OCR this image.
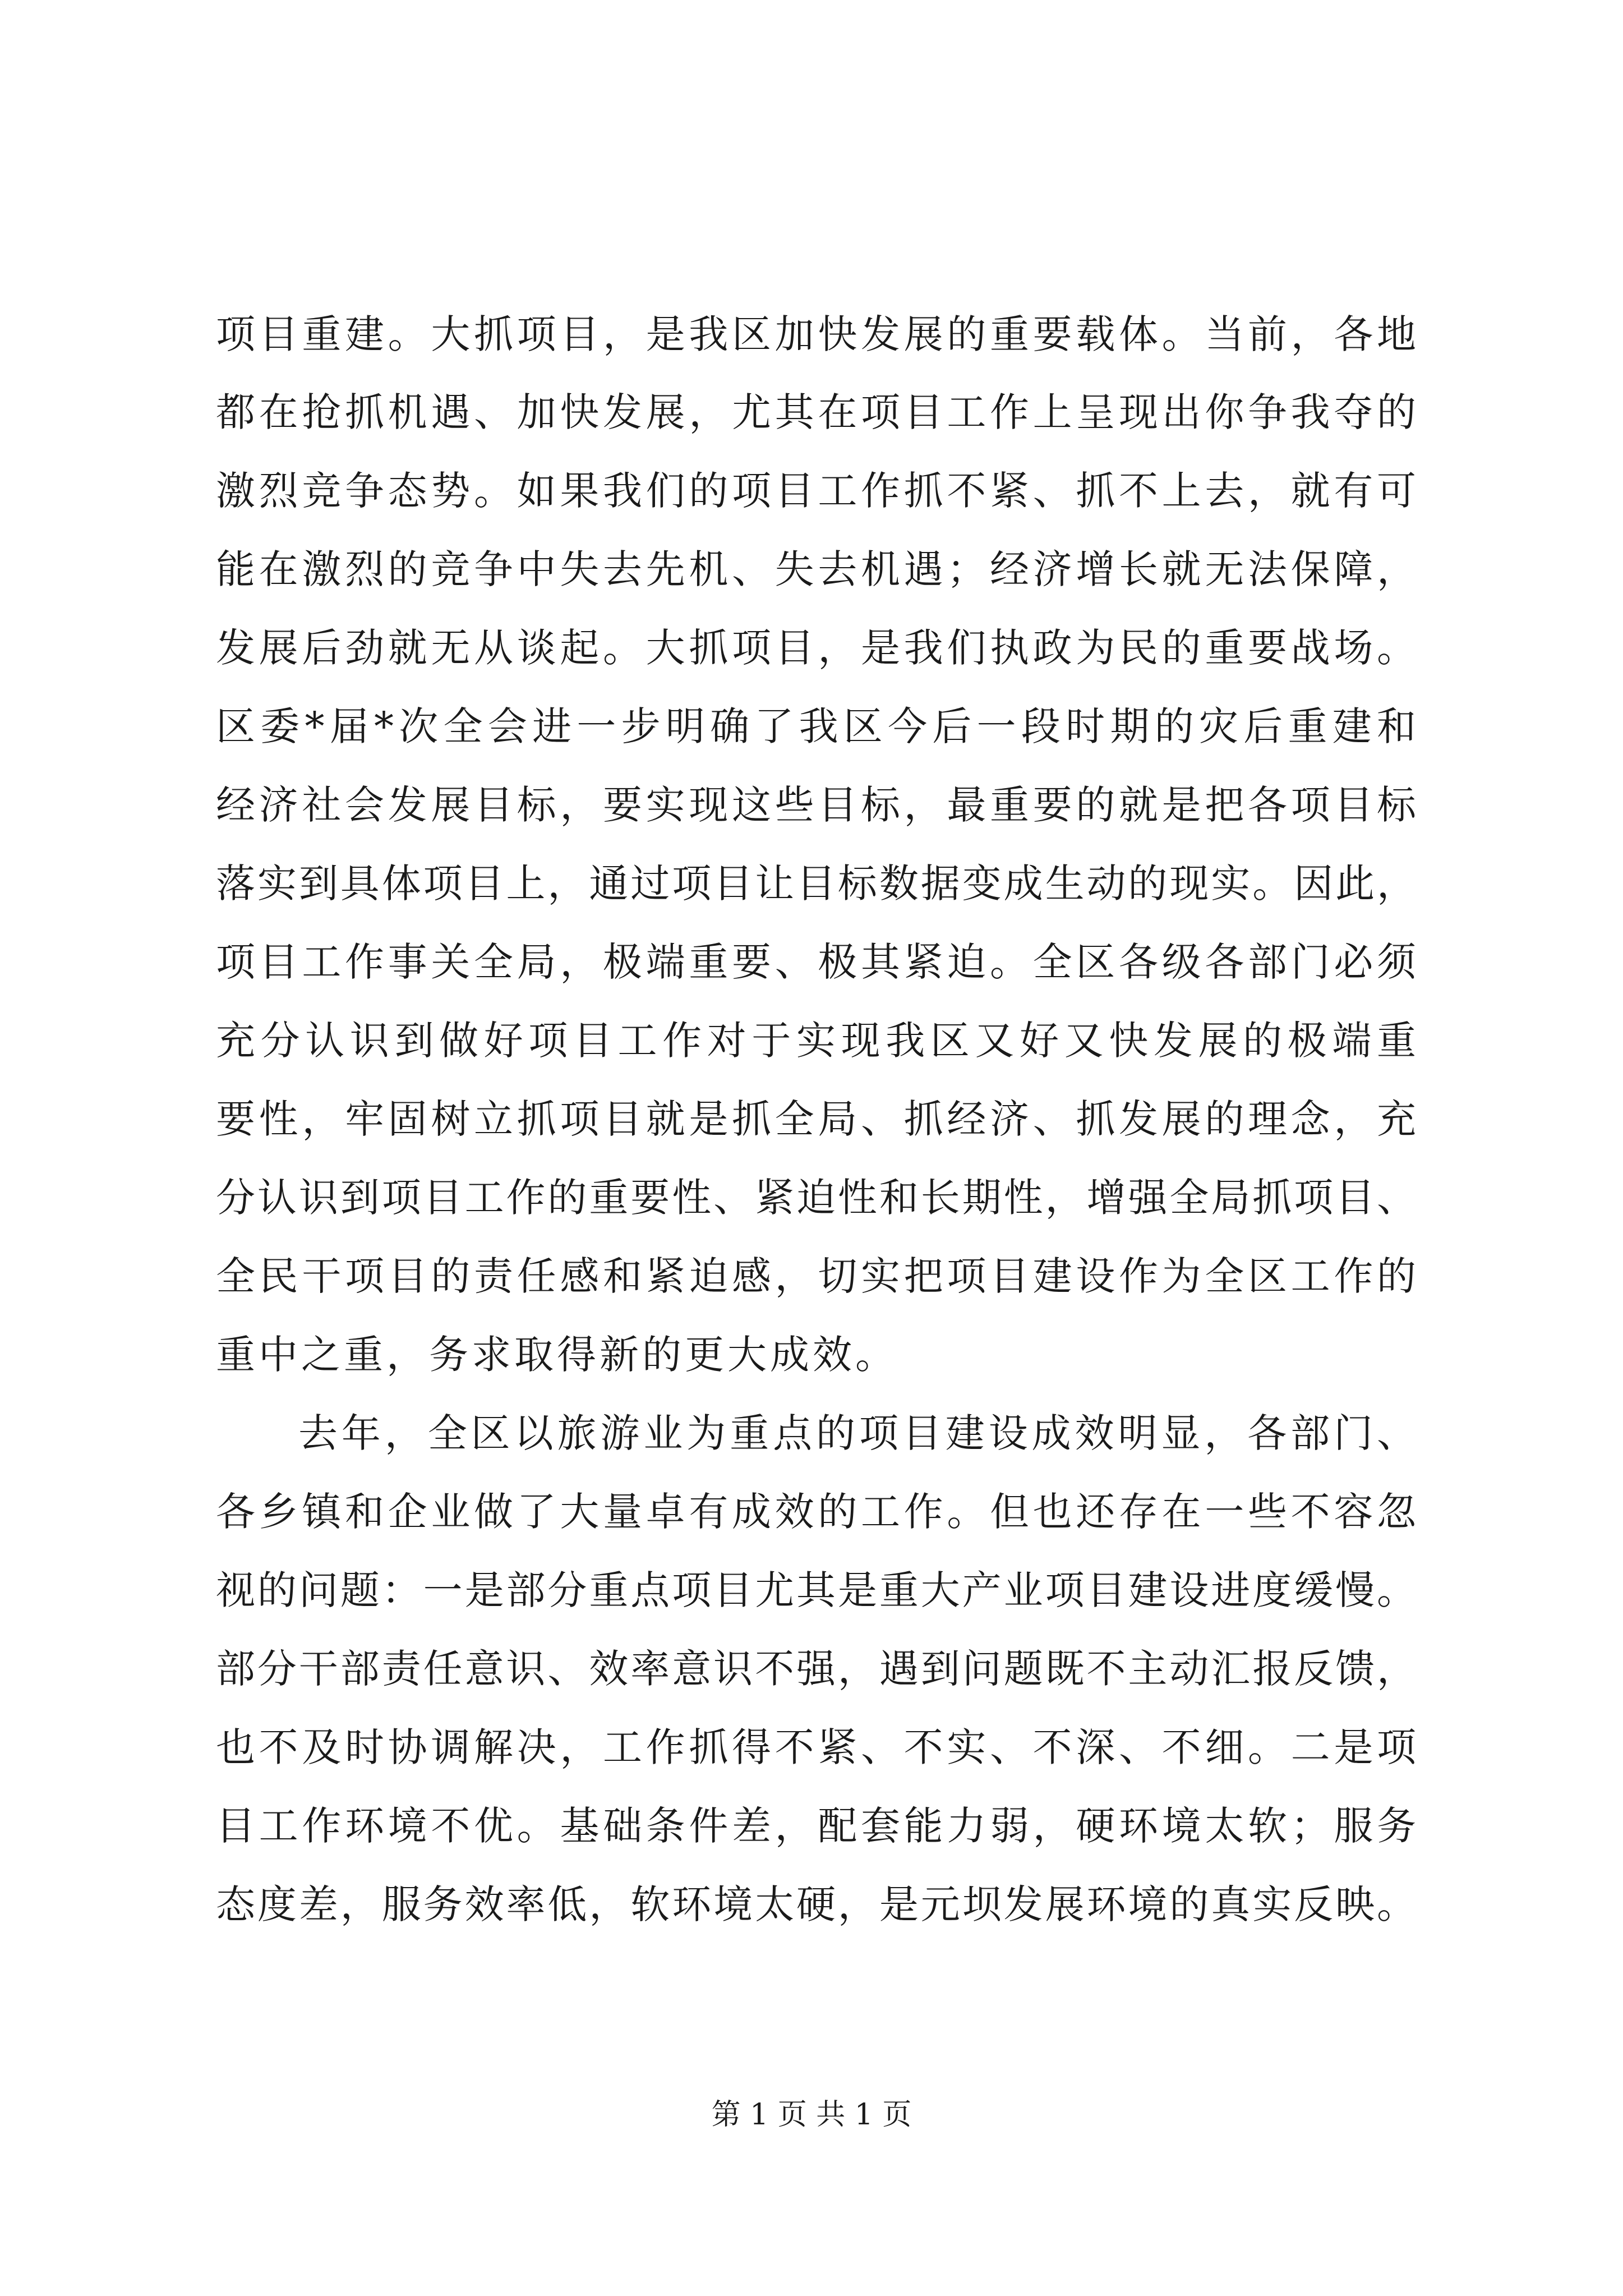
项目重建。大抓项目，是我区加快发展的重要载体。当前，各地
都在抢抓机遇、加快发展，尤其在项目工作上呈现出你争我夺的
激烈竞争态势。如果我们的项目工作抓不紧、抓不上去，就有可
能在激烈的竞争中失去先机、失去机遇；经济增长就无法保障，
发展后劲就无从谈起。大抓项目，是我们执政为民的重要战场。
区委*届*次全会进一步明确了我区今后一段时期的灾后重建和
经济社会发展目标，要实现这些目标，最重要的就是把各项目标
落实到具体项目上，通过项目让目标数据变成生动的现实。因此，
项目工作事关全局，极端重要、极其紧迫。全区各级各部门必须
充分认识到做好项目工作对于实现我区又好又快发展的极端重
要性，牢固树立抓项目就是抓全局、抓经济、抓发展的理念，充
分认识到项目工作的重要性、紧迫性和长期性，增强全局抓项目、
全民干项目的责任感和紧迫感，切实把项目建设作为全区工作的
重中之重，务求取得新的更大成效。
去年，全区以旅游业为重点的项目建设成效明显，各部门、
各乡镇和企业做了大量卓有成效的工作。但也还存在一些不容忽
视的问题：一是部分重点项目尤其是重大产业项目建设进度缓慢。
部分干部责任意识、效率意识不强，遇到问题既不主动汇报反馈，
也不及时协调解决，工作抓得不紧、不实、不深、不细。二是项
目工作环境不优。基础条件差，配套能力弱，硬环境太软；服务
态度差，服务效率低，软环境太硬，是元坝发展环境的真实反映。
第 1 页 共 1 页
